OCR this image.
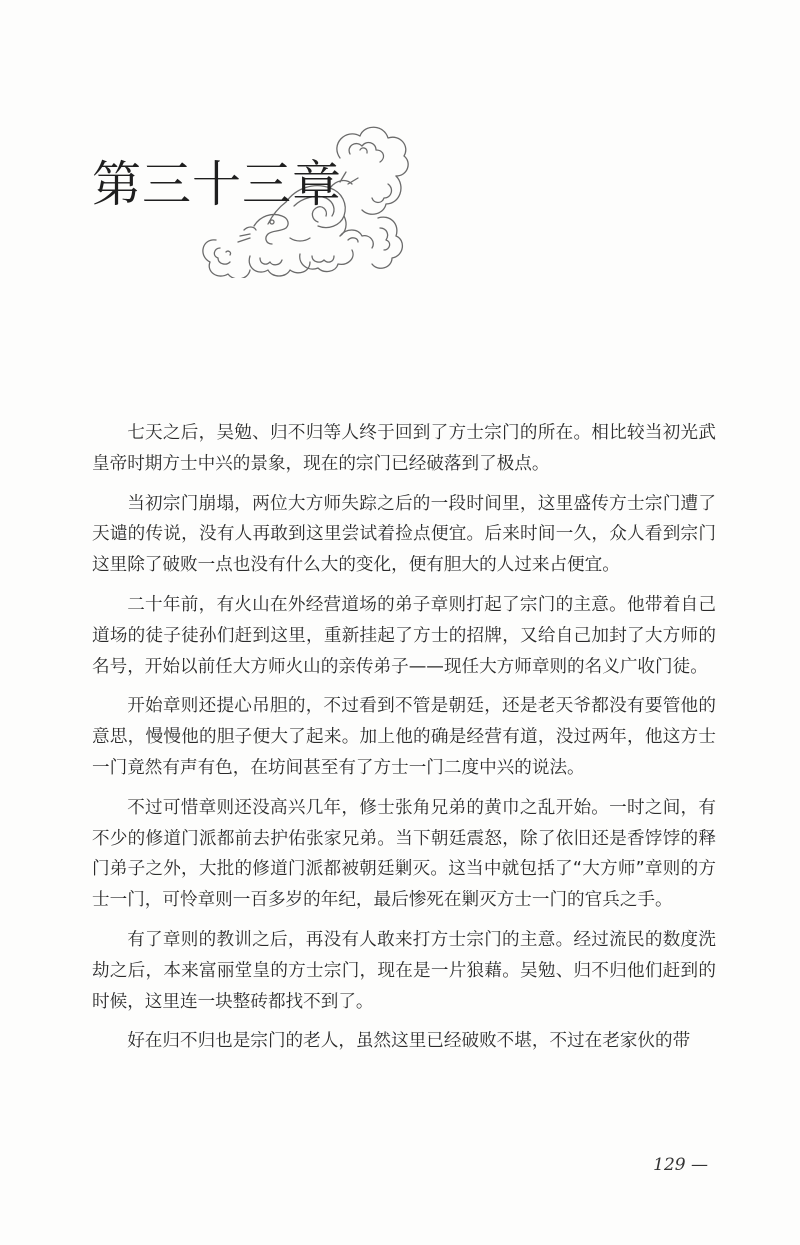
第三十三章

七天之后，吴勉、归不归等人终于回到了方士宗门的所在。相比较当初光武皇帝时期方士中兴的景象，现在的宗门已经破落到了极点。

当初宗门崩塌，两位大方师失踪之后的一段时间里，这里盛传方士宗门遭了天谴的传说，没有人再敢到这里尝试着捡点便宜。后来时间一久，众人看到宗门这里除了破败一点也没有什么大的变化，便有胆大的人过来占便宜。

二十年前，有火山在外经营道场的弟子章则打起了宗门的主意。他带着自己道场的徒子徒孙们赶到这里，重新挂起了方士的招牌，又给自己加封了大方师的名号，开始以前任大方师火山的亲传弟子——现任大方师章则的名义广收门徒。

开始章则还提心吊胆的，不过看到不管是朝廷，还是老天爷都没有要管他的意思，慢慢他的胆子便大了起来。加上他的确是经营有道，没过两年，他这方士一门竟然有声有色，在坊间甚至有了方士一门二度中兴的说法。

不过可惜章则还没高兴几年，修士张角兄弟的黄巾之乱开始。一时之间，有不少的修道门派都前去护佑张家兄弟。当下朝廷震怒，除了依旧还是香饽饽的释门弟子之外，大批的修道门派都被朝廷剿灭。这当中就包括了“大方师”章则的方士一门，可怜章则一百多岁的年纪，最后惨死在剿灭方士一门的官兵之手。

有了章则的教训之后，再没有人敢来打方士宗门的主意。经过流民的数度洗劫之后，本来富丽堂皇的方士宗门，现在是一片狼藉。吴勉、归不归他们赶到的时候，这里连一块整砖都找不到了。

好在归不归也是宗门的老人，虽然这里已经破败不堪，不过在老家伙的带

129 —
